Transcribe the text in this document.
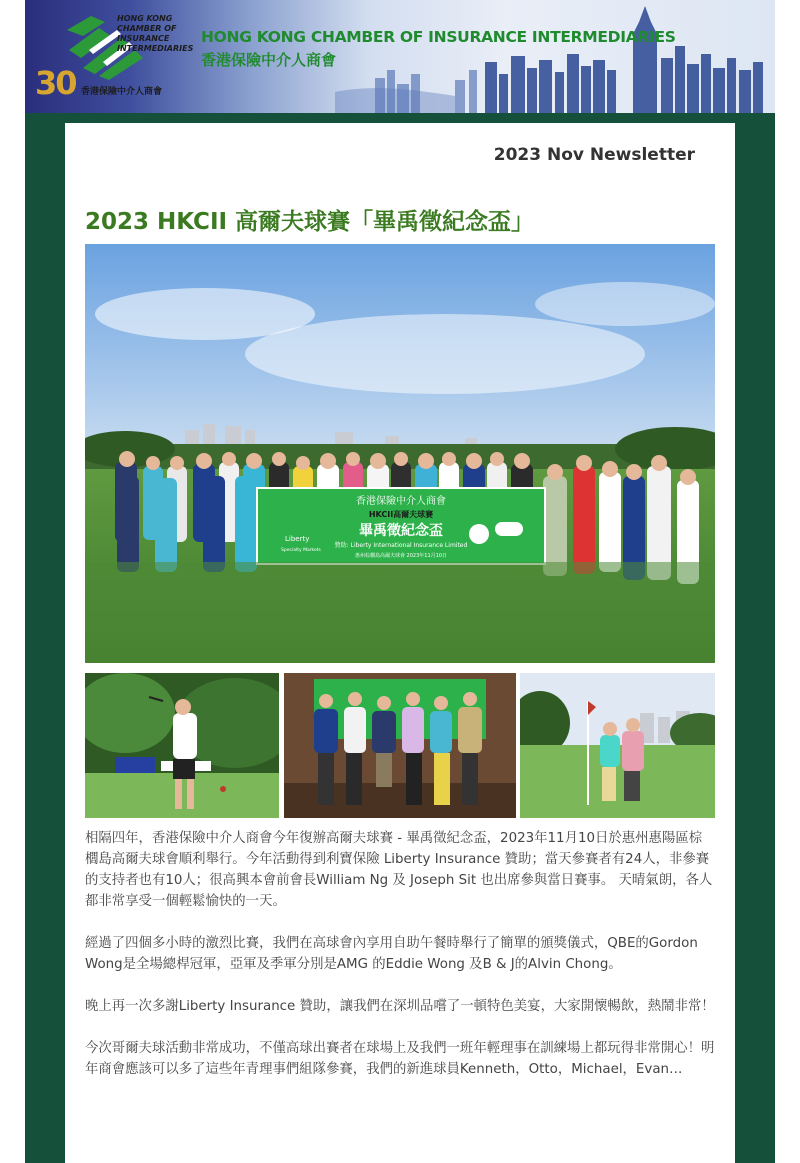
30
HONG KONG
CHAMBER OF
INSURANCE
INTERMEDIARIES
香港保險中介人商會
HONG KONG CHAMBER OF INSURANCE INTERMEDIARIES
香港保險中介人商會
2023 Nov Newsletter
2023 HKCII 高爾夫球賽「畢禹徵紀念盃」
香港保險中介人商會
HKCII高爾夫球賽
畢禹徵紀念盃
贊助: Liberty International Insurance Limited
惠州棕櫚島高爾夫球會 2023年11月10日
Liberty
Specialty Markets

相隔四年，香港保險中介人商會今年復辦高爾夫球賽 - 畢禹徵紀念盃，2023年11月10日於惠州惠陽區棕櫚島高爾夫球會順利舉行。今年活動得到利寶保險 Liberty Insurance 贊助；當天參賽者有24人，非參賽的支持者也有10人；很高興本會前會長William Ng 及 Joseph Sit 也出席參與當日賽事。 天晴氣朗，各人都非常享受一個輕鬆愉快的一天。

經過了四個多小時的激烈比賽，我們在高球會內享用自助午餐時舉行了簡單的頒獎儀式，QBE的Gordon Wong是全場總桿冠軍，亞軍及季軍分別是AMG 的Eddie Wong 及B & J的Alvin Chong。

晚上再一次多謝Liberty Insurance 贊助，讓我們在深圳品嚐了一頓特色美宴，大家開懷暢飲，熱鬧非常！

今次哥爾夫球活動非常成功，不僅高球出賽者在球場上及我們一班年輕理事在訓練場上都玩得非常開心！明年商會應該可以多了這些年青理事們組隊參賽，我們的新進球員Kenneth，Otto，Michael，Evan…
